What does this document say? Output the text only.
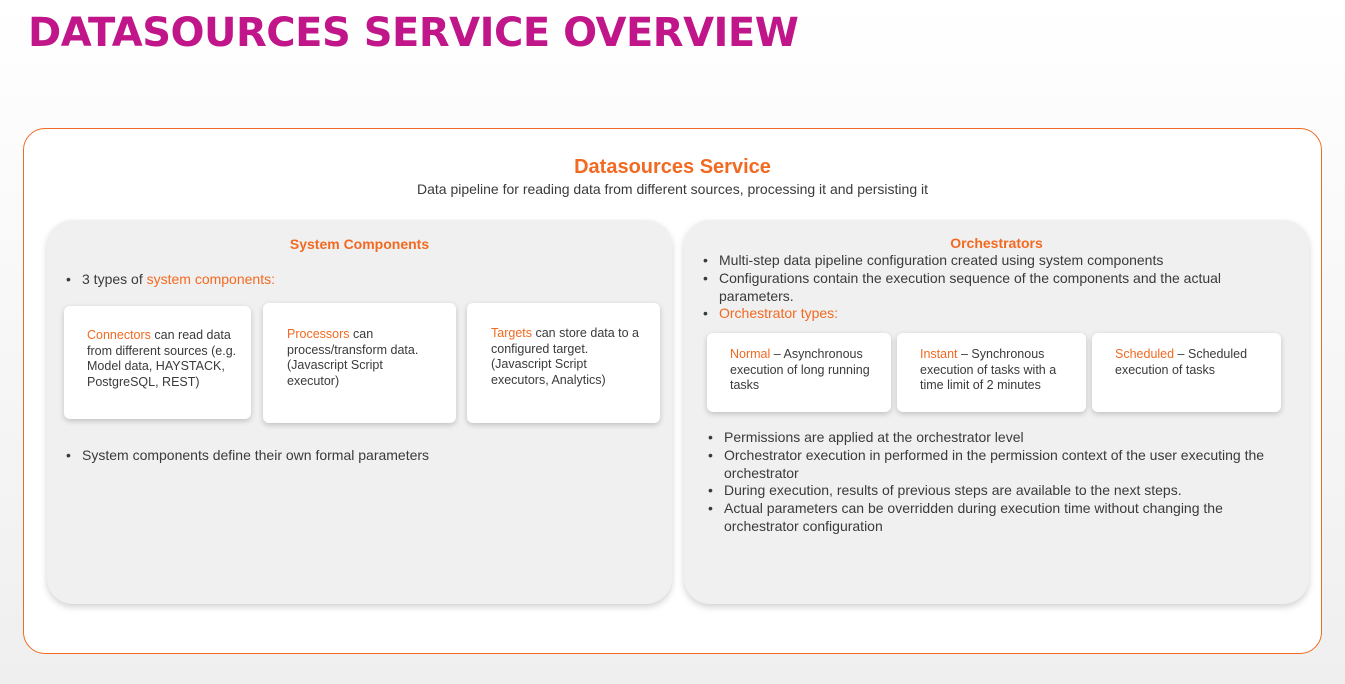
DATASOURCES SERVICE OVERVIEW
Datasources Service
Data pipeline for reading data from different sources, processing it and persisting it
System Components
• 3 types of system components:
Connectors can read data from different sources (e.g. Model data, HAYSTACK, PostgreSQL, REST)
Processors can process/transform data. (Javascript Script executor)
Targets can store data to a configured target. (Javascript Script executors, Analytics)
• System components define their own formal parameters
Orchestrators
• Multi-step data pipeline configuration created using system components
• Configurations contain the execution sequence of the components and the actual parameters.
• Orchestrator types:
Normal – Asynchronous execution of long running tasks
Instant – Synchronous execution of tasks with a time limit of 2 minutes
Scheduled – Scheduled execution of tasks
• Permissions are applied at the orchestrator level
• Orchestrator execution in performed in the permission context of the user executing the orchestrator
• During execution, results of previous steps are available to the next steps.
• Actual parameters can be overridden during execution time without changing the orchestrator configuration
